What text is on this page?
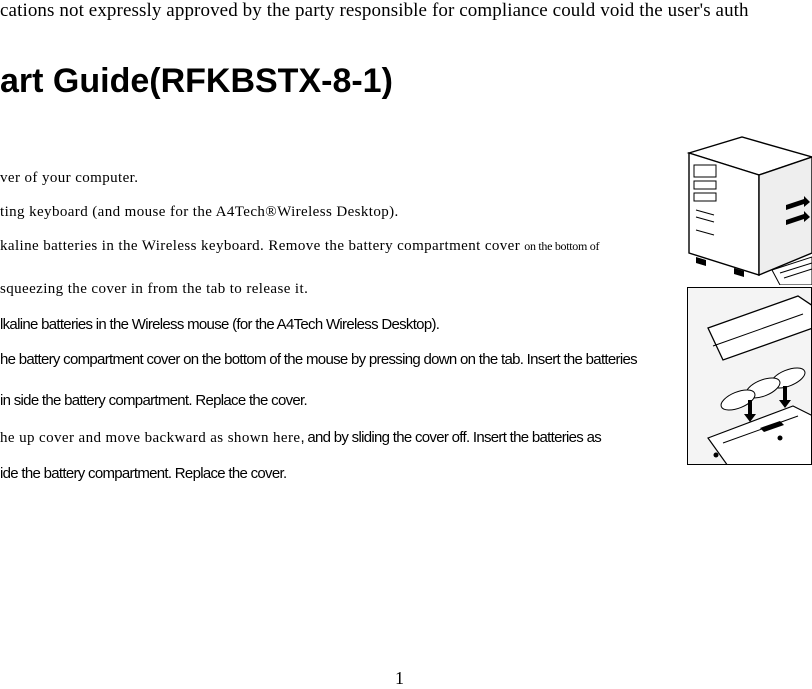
cations not expressly approved by the party responsible for compliance could void the user's auth
art Guide(RFKBSTX-8-1)
ver of your computer.
ting keyboard (and mouse for the A4Tech®Wireless Desktop).
kaline batteries in the Wireless keyboard. Remove the battery compartment cover on the bottom of
squeezing the cover in from the tab to release it.
lkaline batteries in the Wireless mouse (for the A4Tech Wireless Desktop).
he battery compartment cover on the bottom of the mouse by pressing down on the tab. Insert the batteries
in side the battery compartment. Replace the cover.
he up cover and move backward as shown here, and by sliding the cover off. Insert the batteries as
ide the battery compartment. Replace the cover.
1
